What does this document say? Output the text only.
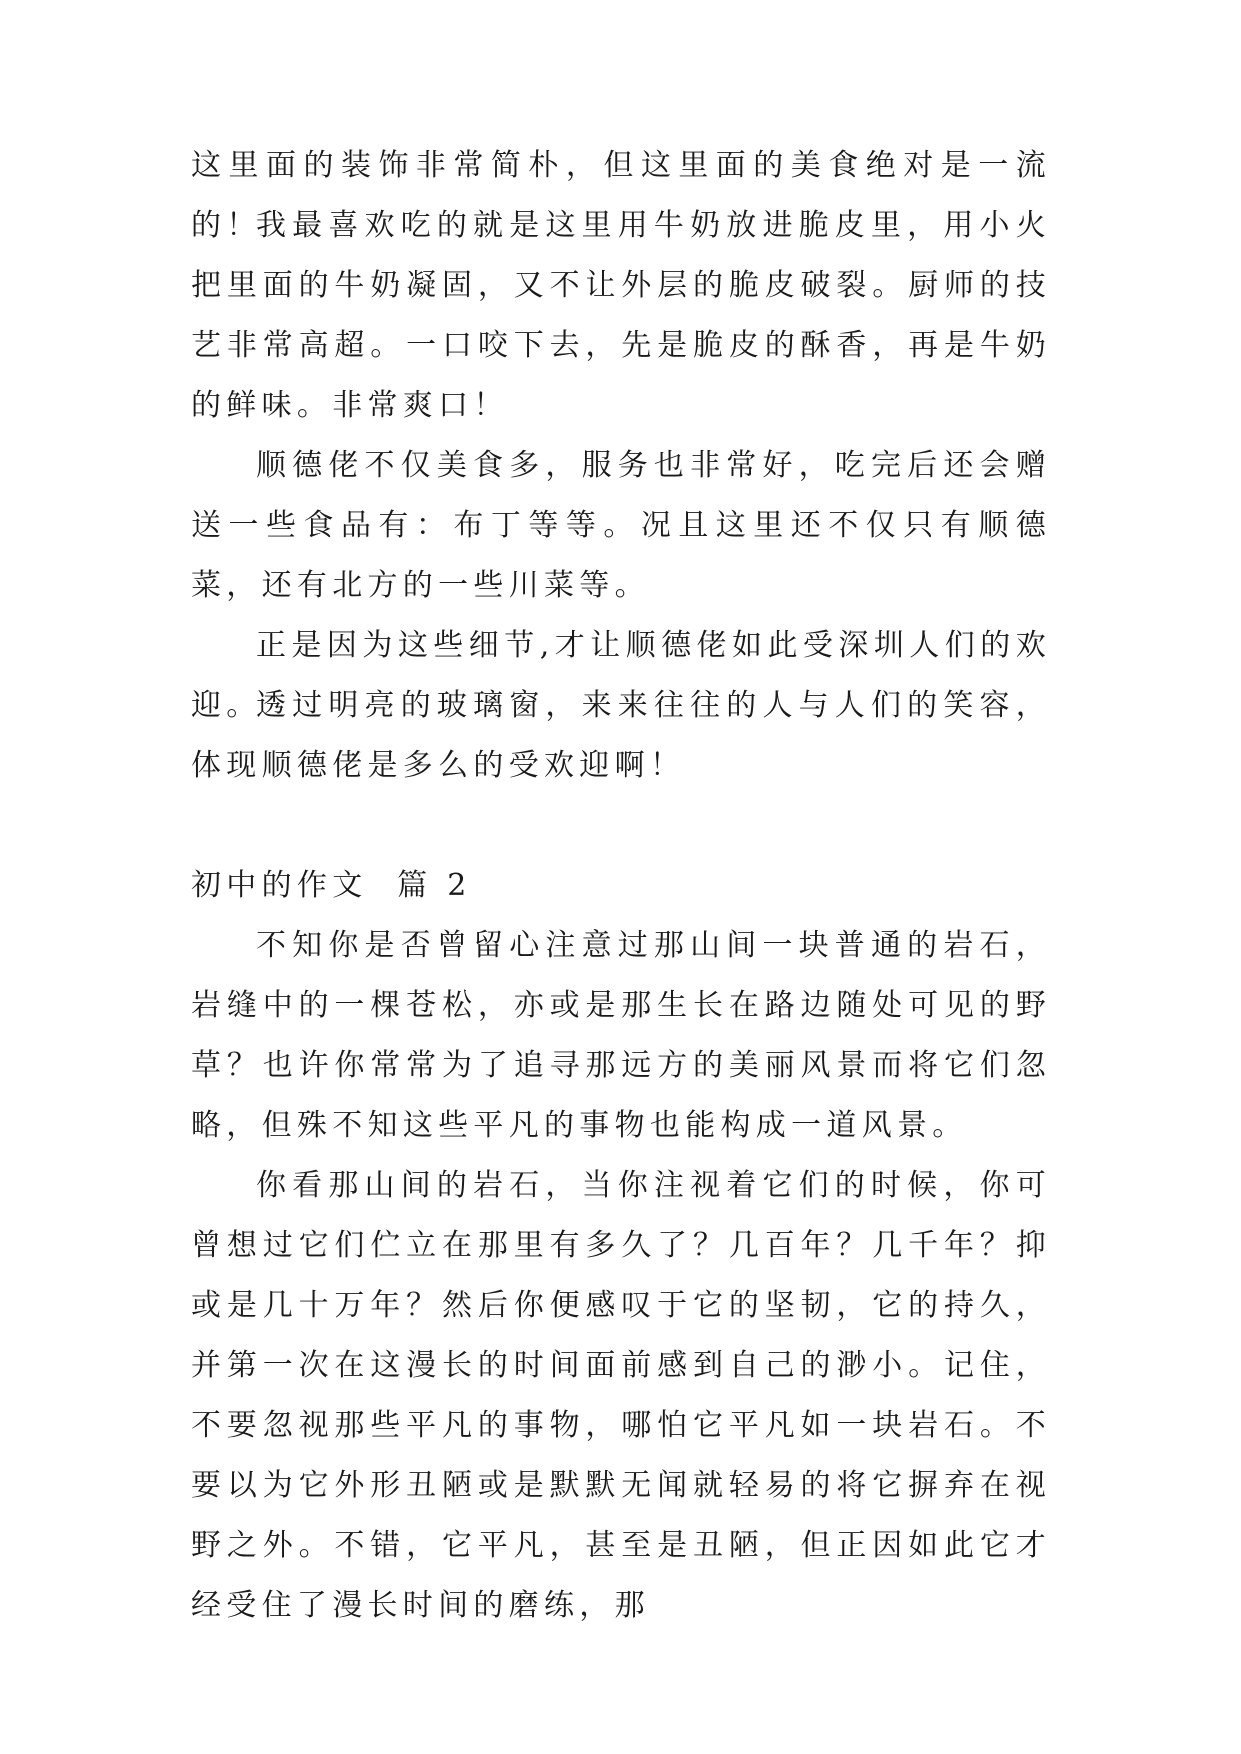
这里面的装饰非常简朴，但这里面的美食绝对是一流的！

我最喜欢吃的就是这里用牛奶放进脆皮里，用小火把里面的牛奶凝固，又不让外层的脆皮破裂。厨师的技艺非常高超。一口咬下去，先是脆皮的酥香，再是牛奶的鲜味。非常爽口！

顺德佬不仅美食多，服务也非常好，吃完后还会赠送一些食品有：布丁等等。况且这里还不仅只有顺德菜，还有北方的一些川菜等。

正是因为这些细节,才让顺德佬如此受深圳人们的欢迎。

透过明亮的玻璃窗，来来往往的人与人们的笑容，体现顺德佬是多么的受欢迎啊！

初中的作文  篇 2

不知你是否曾留心注意过那山间一块普通的岩石，岩缝中的一棵苍松，亦或是那生长在路边随处可见的野草？也许你常常为了追寻那远方的美丽风景而将它们忽略，但殊不知这些平凡的事物也能构成一道风景。

你看那山间的岩石，当你注视着它们的时候，你可曾想过它们伫立在那里有多久了？几百年？几千年？抑或是几十万年？然后你便感叹于它的坚韧，它的持久，并第一次在这漫长的时间面前感到自己的渺小。记住，不要忽视那些平凡的事物，哪怕它平凡如一块岩石。不要以为它外形丑陋或是默默无闻就轻易的将它摒弃在视野之外。不错，它平凡，甚至是丑陋，但正因如此它才经受住了漫长时间的磨练，那
